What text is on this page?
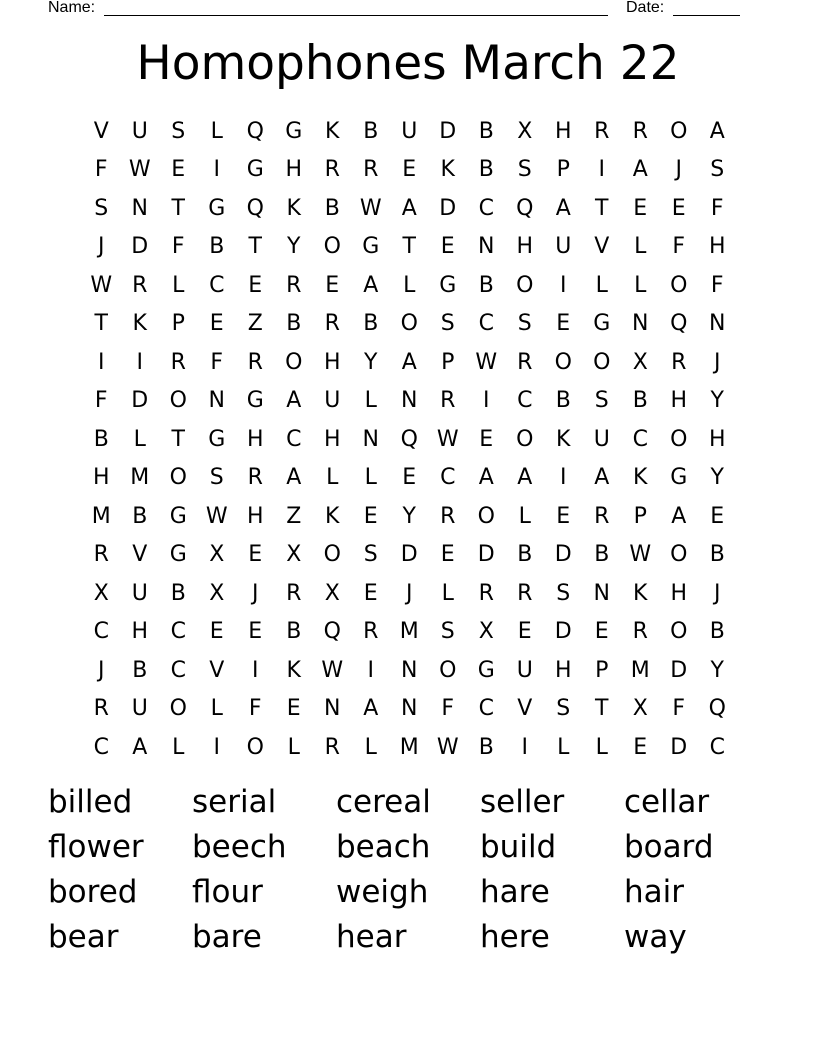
Name:	Date:
Homophones March 22
V	U	S	L	Q G	K	B	U D	B	X	H	R	R	O	A
F W E	I	G H	R	R	E	K	B	S	P	I	A	J	S
S	N	T	G Q	K	B W A	D	C	Q	A	T	E	E	F
J	D	F	B	T	Y	O G	T	E	N H	U	V	L	F	H
W R	L	C	E	R	E	A	L	G	B	O	I	L	L	O	F
T	K	P	E	Z	B	R	B	O	S	C	S	E	G N Q N
I	I	R	F	R	O H	Y	A	P W R	O O	X	R	J
F	D O N G	A	U	L	N	R	I	C	B	S	B	H	Y
B	L	T	G H	C	H	N Q W E	O	K	U	C	O H
H M O	S	R	A	L	L	E	C	A	A	I	A	K	G	Y
M B	G W H	Z	K	E	Y	R	O	L	E	R	P	A	E
R	V	G	X	E	X	O	S	D	E	D	B	D	B W O	B
X	U	B	X	J	R	X	E	J	L	R	R	S	N	K	H	J
C	H	C	E	E	B	Q	R M	S	X	E	D	E	R	O	B
J	B	C	V	I	K W	I	N O G U	H	P	M D	Y
R	U O	L	F	E	N	A	N	F	C	V	S	T	X	F	Q
C	A	L	I	O	L	R	L	M W B	I	L	L	E	D	C
billed	serial	cereal	seller	cellar
flower	beech	beach	build	board
bored	flour	weigh	hare	hair
bear	bare	hear	here	way
